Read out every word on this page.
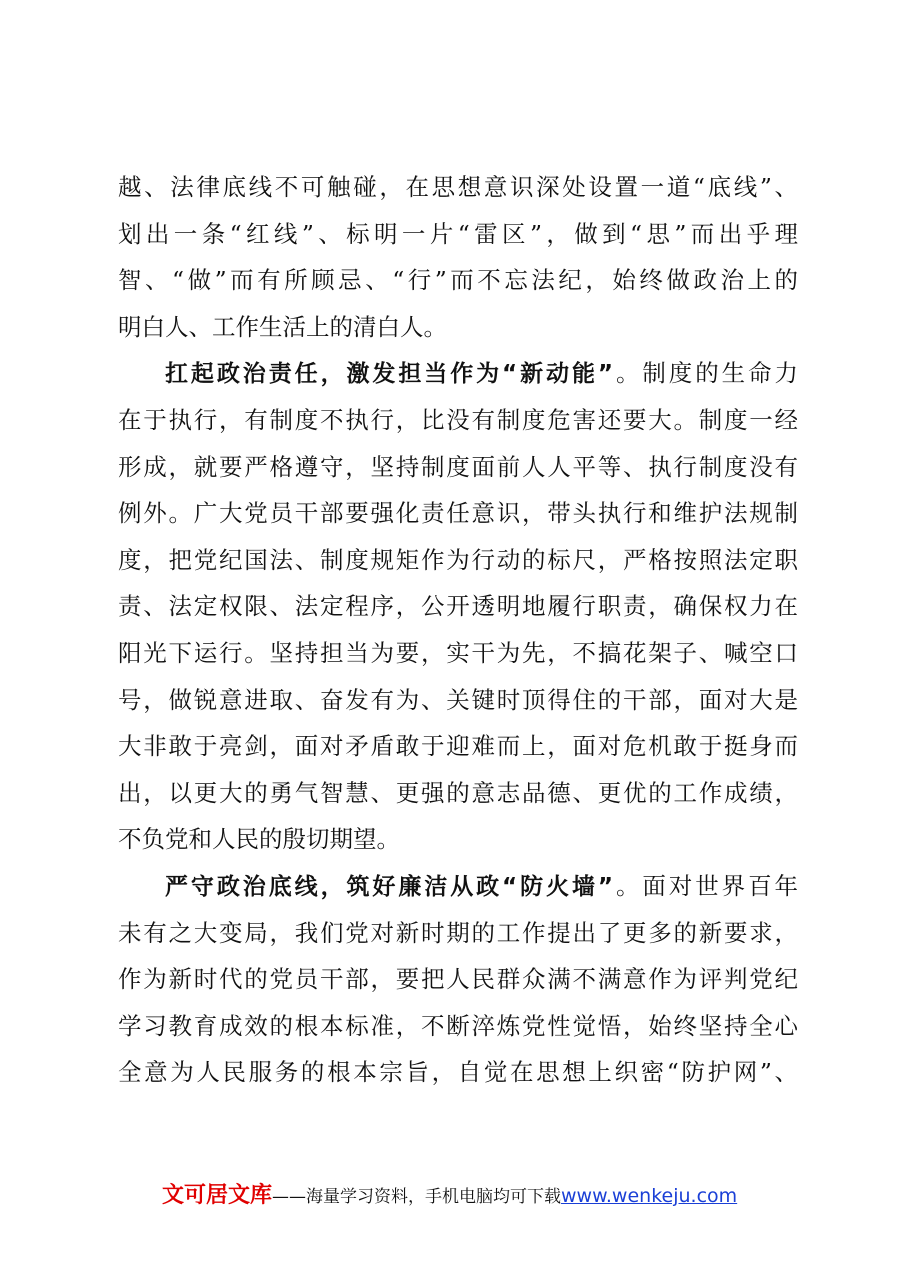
越、法律底线不可触碰，在思想意识深处设置一道“底线”、
划出一条“红线”、标明一片“雷区”，做到“思”而出乎理
智、“做”而有所顾忌、“行”而不忘法纪，始终做政治上的
明白人、工作生活上的清白人。
扛起政治责任，激发担当作为“新动能”。制度的生命力
在于执行，有制度不执行，比没有制度危害还要大。制度一经
形成，就要严格遵守，坚持制度面前人人平等、执行制度没有
例外。广大党员干部要强化责任意识，带头执行和维护法规制
度，把党纪国法、制度规矩作为行动的标尺，严格按照法定职
责、法定权限、法定程序，公开透明地履行职责，确保权力在
阳光下运行。坚持担当为要，实干为先，不搞花架子、喊空口
号，做锐意进取、奋发有为、关键时顶得住的干部，面对大是
大非敢于亮剑，面对矛盾敢于迎难而上，面对危机敢于挺身而
出，以更大的勇气智慧、更强的意志品德、更优的工作成绩，
不负党和人民的殷切期望。
严守政治底线，筑好廉洁从政“防火墙”。面对世界百年
未有之大变局，我们党对新时期的工作提出了更多的新要求，
作为新时代的党员干部，要把人民群众满不满意作为评判党纪
学习教育成效的根本标准，不断淬炼党性觉悟，始终坚持全心
全意为人民服务的根本宗旨，自觉在思想上织密“防护网”、
文可居文库——海量学习资料，手机电脑均可下载www.wenkeju.com
